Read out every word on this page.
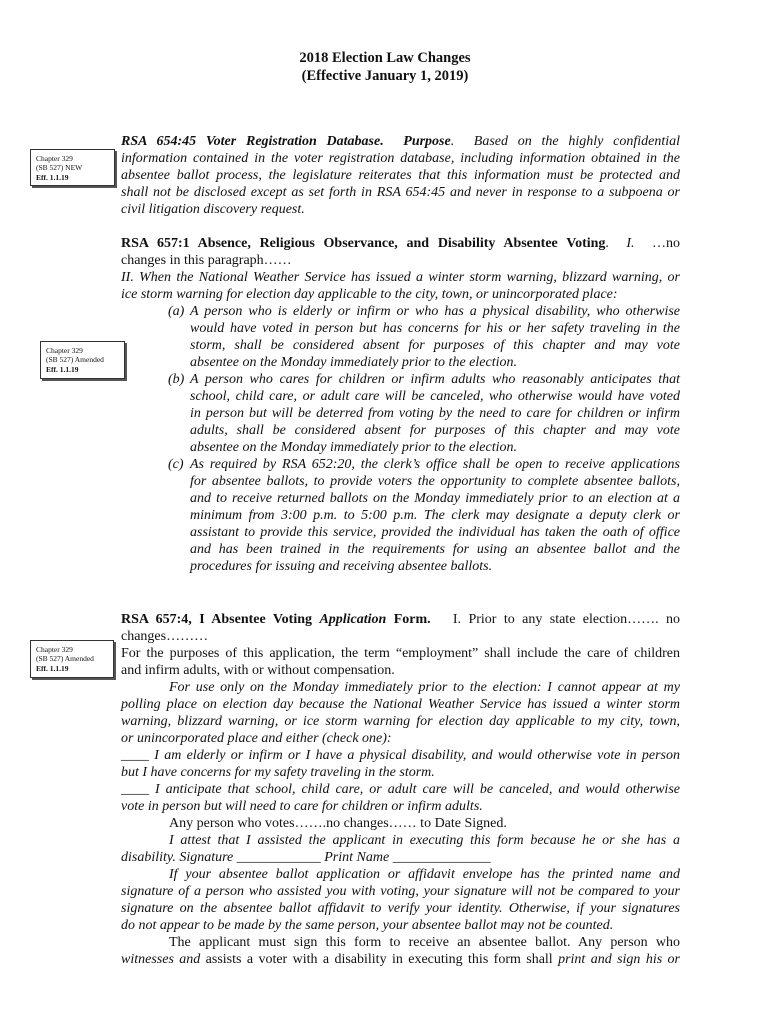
2018 Election Law Changes
(Effective January 1, 2019)
Chapter 329
(SB 527) NEW
Eff. 1.1.19
Chapter 329
(SB 527) Amended
Eff. 1.1.19
Chapter 329
(SB 527) Amended
Eff. 1.1.19
RSA 654:45 Voter Registration Database. Purpose.  Based on the highly confidential
information contained in the voter registration database, including information obtained in the
absentee ballot process, the legislature reiterates that this information must be protected and
shall not be disclosed except as set forth in RSA 654:45 and never in response to a subpoena or
civil litigation discovery request.
RSA 657:1 Absence, Religious Observance, and Disability Absentee Voting.  I. …no
changes in this paragraph……
II. When the National Weather Service has issued a winter storm warning, blizzard warning, or
ice storm warning for election day applicable to the city, town, or unincorporated place:
(a) A person who is elderly or infirm or who has a physical disability, who otherwise
would have voted in person but has concerns for his or her safety traveling in the
storm, shall be considered absent for purposes of this chapter and may vote
absentee on the Monday immediately prior to the election.
(b) A person who cares for children or infirm adults who reasonably anticipates that
school, child care, or adult care will be canceled, who otherwise would have voted
in person but will be deterred from voting by the need to care for children or infirm
adults, shall be considered absent for purposes of this chapter and may vote
absentee on the Monday immediately prior to the election.
(c) As required by RSA 652:20, the clerk’s office shall be open to receive applications
for absentee ballots, to provide voters the opportunity to complete absentee ballots,
and to receive returned ballots on the Monday immediately prior to an election at a
minimum from 3:00 p.m. to 5:00 p.m. The clerk may designate a deputy clerk or
assistant to provide this service, provided the individual has taken the oath of office
and has been trained in the requirements for using an absentee ballot and the
procedures for issuing and receiving absentee ballots.
RSA 657:4, I Absentee Voting Application Form. I. Prior to any state election……. no
changes………
For the purposes of this application, the term “employment” shall include the care of children
and infirm adults, with or without compensation.
For use only on the Monday immediately prior to the election: I cannot appear at my
polling place on election day because the National Weather Service has issued a winter storm
warning, blizzard warning, or ice storm warning for election day applicable to my city, town,
or unincorporated place and either (check one):
____ I am elderly or infirm or I have a physical disability, and would otherwise vote in person
but I have concerns for my safety traveling in the storm.
____ I anticipate that school, child care, or adult care will be canceled, and would otherwise
vote in person but will need to care for children or infirm adults.
Any person who votes…….no changes…… to Date Signed.
I attest that I assisted the applicant in executing this form because he or she has a
disability. Signature ____________ Print Name ______________
If your absentee ballot application or affidavit envelope has the printed name and
signature of a person who assisted you with voting, your signature will not be compared to your
signature on the absentee ballot affidavit to verify your identity. Otherwise, if your signatures
do not appear to be made by the same person, your absentee ballot may not be counted.
The applicant must sign this form to receive an absentee ballot. Any person who
witnesses and assists a voter with a disability in executing this form shall print and sign his or
